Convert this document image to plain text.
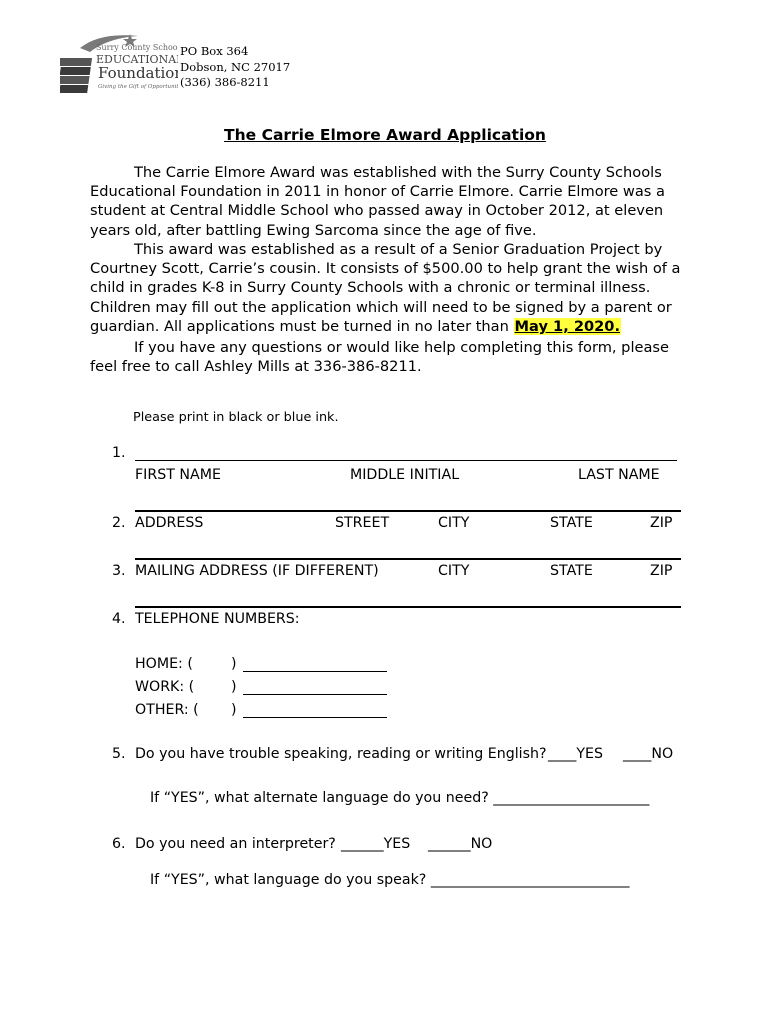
Surry County Schools
EDUCATIONAL
Foundation
Giving the Gift of Opportunity
PO Box 364
Dobson, NC 27017
(336) 386-8211
The Carrie Elmore Award Application
The Carrie Elmore Award was established with the Surry County Schools Educational Foundation in 2011 in honor of Carrie Elmore. Carrie Elmore was a student at Central Middle School who passed away in October 2012, at eleven years old, after battling Ewing Sarcoma since the age of five.
This award was established as a result of a Senior Graduation Project by Courtney Scott, Carrie’s cousin. It consists of $500.00 to help grant the wish of a child in grades K-8 in Surry County Schools with a chronic or terminal illness. Children may fill out the application which will need to be signed by a parent or guardian. All applications must be turned in no later than May 1, 2020.
If you have any questions or would like help completing this form, please feel free to call Ashley Mills at 336-386-8211.
Please print in black or blue ink.
1.
FIRST NAME	MIDDLE INITIAL	LAST NAME
2. ADDRESS	STREET	CITY	STATE	ZIP
3. MAILING ADDRESS (IF DIFFERENT)	CITY	STATE	ZIP
4. TELEPHONE NUMBERS:
HOME: (	)
WORK: (	)
OTHER: ( )
5. Do you have trouble speaking, reading or writing English? ____YES ____NO
If “YES”, what alternate language do you need? ______________________
6. Do you need an interpreter? ______YES ______NO
If “YES”, what language do you speak? ____________________________
